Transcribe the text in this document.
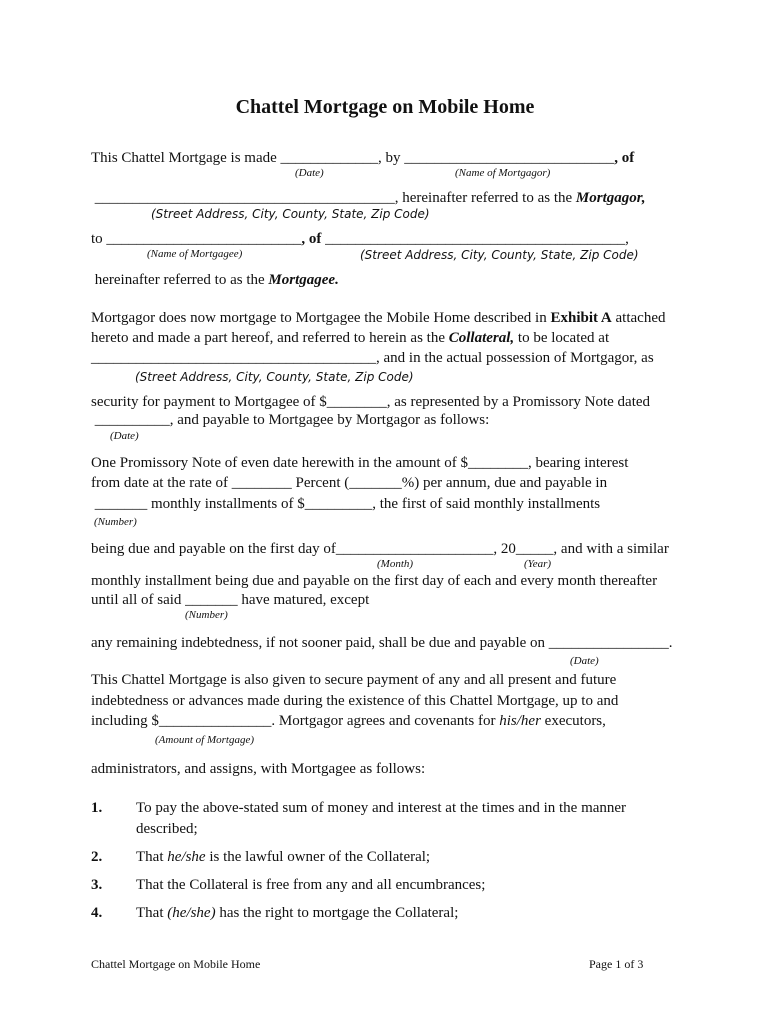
Chattel Mortgage on Mobile Home
This Chattel Mortgage is made _____________, by ____________________________, of
(Date)	(Name of Mortgagor)
________________________________________, hereinafter referred to as the Mortgagor,
(Street Address, City, County, State, Zip Code)
to __________________________, of ________________________________________,
(Name of Mortgagee)	(Street Address, City, County, State, Zip Code)
hereinafter referred to as the Mortgagee.
Mortgagor does now mortgage to Mortgagee the Mobile Home described in Exhibit A attached
hereto and made a part hereof, and referred to herein as the Collateral, to be located at
______________________________________, and in the actual possession of Mortgagor, as
(Street Address, City, County, State, Zip Code)
security for payment to Mortgagee of $________, as represented by a Promissory Note dated
__________, and payable to Mortgagee by Mortgagor as follows:
(Date)
One Promissory Note of even date herewith in the amount of $________, bearing interest
from date at the rate of ________ Percent (_______%) per annum, due and payable in
_______ monthly installments of $_________, the first of said monthly installments
(Number)
being due and payable on the first day of_____________________, 20_____, and with a similar
(Month)	(Year)
monthly installment being due and payable on the first day of each and every month thereafter
until all of said _______ have matured, except
(Number)
any remaining indebtedness, if not sooner paid, shall be due and payable on ________________.
(Date)
This Chattel Mortgage is also given to secure payment of any and all present and future
indebtedness or advances made during the existence of this Chattel Mortgage, up to and
including $_______________. Mortgagor agrees and covenants for his/her executors,
(Amount of Mortgage)
administrators, and assigns, with Mortgagee as follows:
1. To pay the above-stated sum of money and interest at the times and in the manner
described;
2. That he/she is the lawful owner of the Collateral;
3. That the Collateral is free from any and all encumbrances;
4. That (he/she) has the right to mortgage the Collateral;
Chattel Mortgage on Mobile Home	Page 1 of 3
